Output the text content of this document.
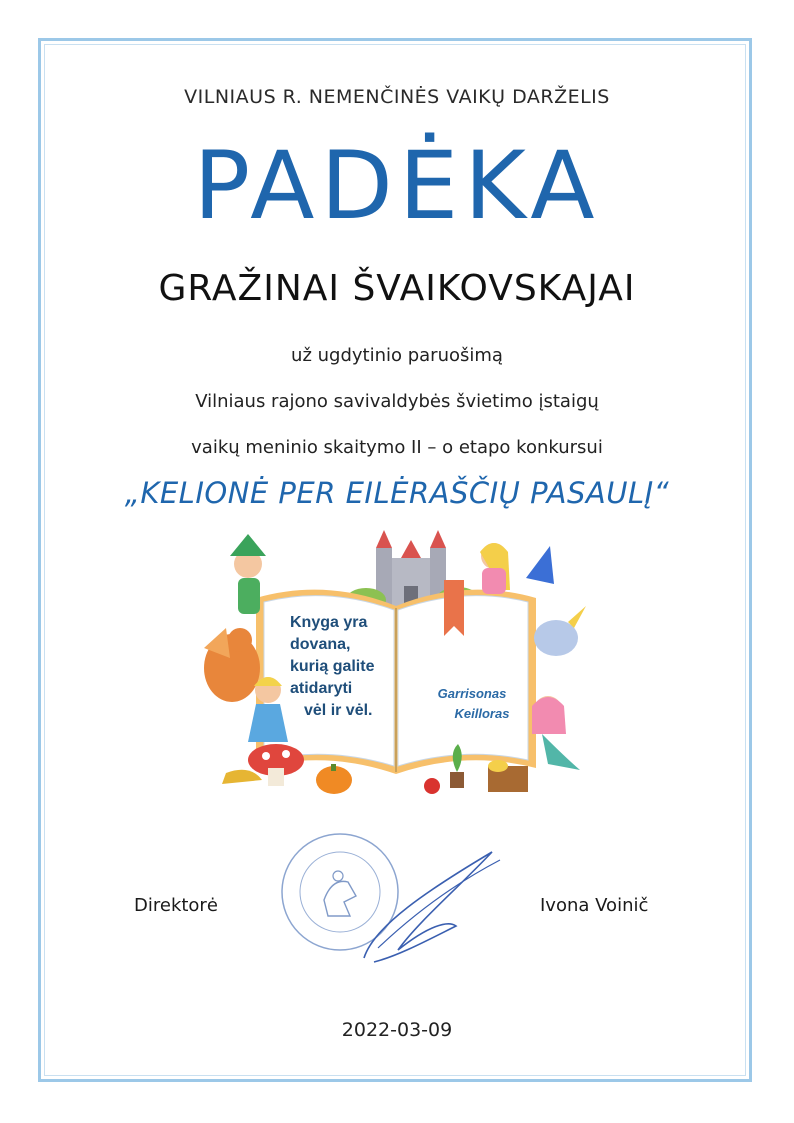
VILNIAUS R. NEMENČINĖS VAIKŲ DARŽELIS
PADĖKA
GRAŽINAI ŠVAIKOVSKAJAI
už ugdytinio paruošimą
Vilniaus rajono savivaldybės švietimo įstaigų
vaikų meninio skaitymo II – o etapo konkursui
„KELIONĖ PER EILĖRAŠČIŲ PASAULĮ“
Knyga yra
dovana,
kurią galite
atidaryti
vėl ir vėl.
Garrisonas
Keilloras
Direktorė	Ivona Voinič
2022-03-09
